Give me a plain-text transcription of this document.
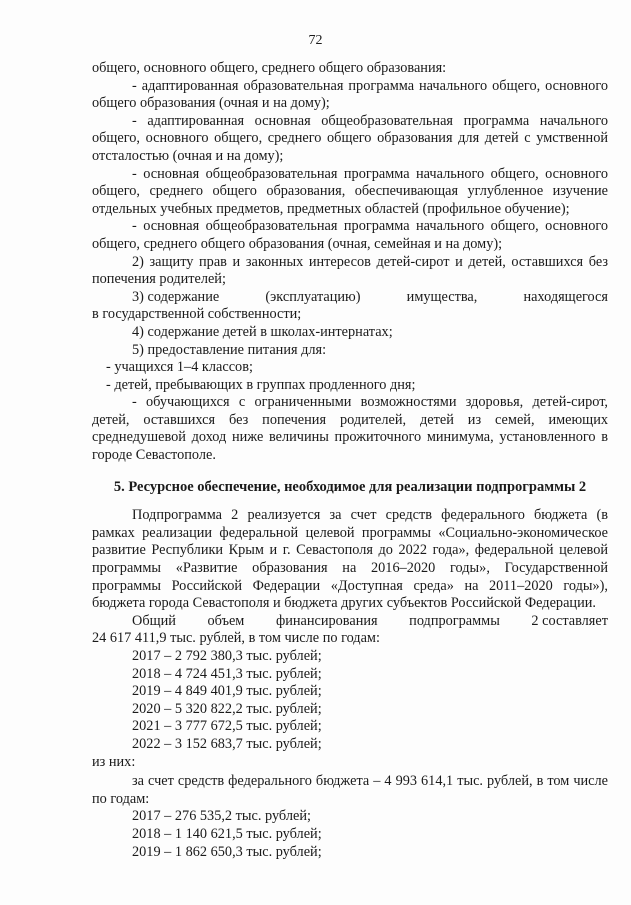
72

общего, основного общего, среднего общего образования:

- адаптированная образовательная программа начального общего, основного общего образования (очная и на дому);

- адаптированная основная общеобразовательная программа начального общего, основного общего, среднего общего образования для детей с умственной отсталостью (очная и на дому);

- основная общеобразовательная программа начального общего, основного общего, среднего общего образования, обеспечивающая углубленное изучение отдельных учебных предметов, предметных областей (профильное обучение);

- основная общеобразовательная программа начального общего, основного общего, среднего общего образования (очная, семейная и на дому);

2) защиту прав и законных интересов детей-сирот и детей, оставшихся без попечения родителей;

3) содержание	(эксплуатацию)	имущества,	находящегося

в государственной собственности;

4) содержание детей в школах-интернатах;

5) предоставление питания для:

- учащихся 1–4 классов;

- детей, пребывающих в группах продленного дня;

- обучающихся с ограниченными возможностями здоровья, детей-сирот, детей, оставшихся без попечения родителей, детей из семей, имеющих среднедушевой доход ниже величины прожиточного минимума, установленного в городе Севастополе.

5. Ресурсное обеспечение, необходимое для реализации подпрограммы 2

Подпрограмма 2 реализуется за счет средств федерального бюджета (в рамках реализации федеральной целевой программы «Социально-экономическое развитие Республики Крым и г. Севастополя до 2022 года», федеральной целевой программы «Развитие образования на 2016–2020 годы», Государственной программы Российской Федерации «Доступная среда» на 2011–2020 годы»), бюджета города Севастополя и бюджета других субъектов Российской Федерации.

Общий объем финансирования подпрограммы 2 составляет

24 617 411,9 тыс. рублей, в том числе по годам:

2017 – 2 792 380,3 тыс. рублей;
2018 – 4 724 451,3 тыс. рублей;
2019 – 4 849 401,9 тыс. рублей;
2020 – 5 320 822,2 тыс. рублей;
2021 – 3 777 672,5 тыс. рублей;
2022 – 3 152 683,7 тыс. рублей;

из них:

за счет средств федерального бюджета – 4 993 614,1 тыс. рублей, в том числе по годам:

2017 – 276 535,2 тыс. рублей;
2018 – 1 140 621,5 тыс. рублей;
2019 – 1 862 650,3 тыс. рублей;
